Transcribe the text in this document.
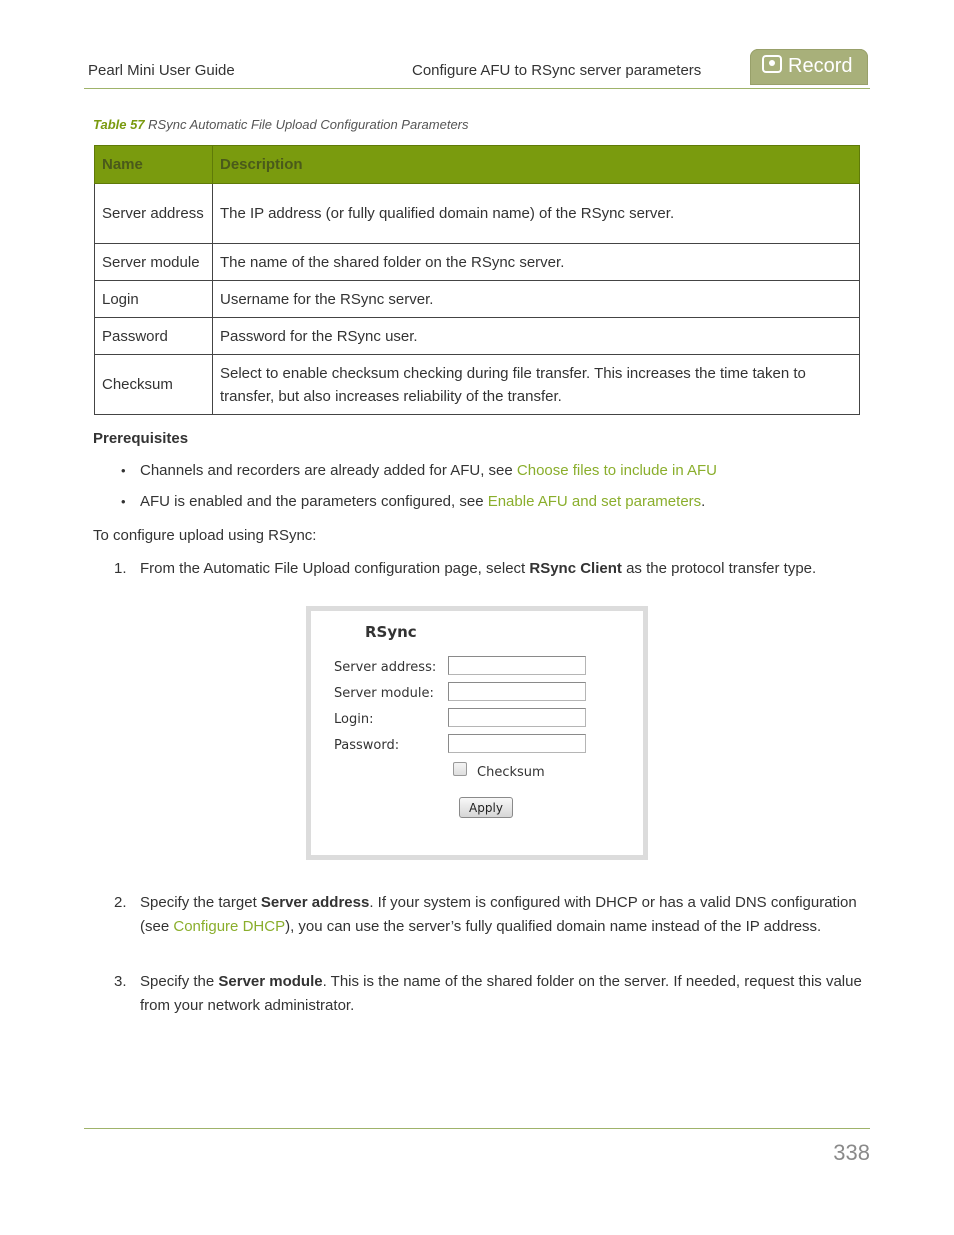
Pearl Mini User Guide	Configure AFU to RSync server parameters	Record
Table 57 RSync Automatic File Upload Configuration Parameters
Name	Description
Server address	The IP address (or fully qualified domain name) of the RSync server.
Server module	The name of the shared folder on the RSync server.
Login	Username for the RSync server.
Password	Password for the RSync user.
Checksum	Select to enable checksum checking during file transfer. This increases the time taken to transfer, but also increases reliability of the transfer.
Prerequisites
• Channels and recorders are already added for AFU, see Choose files to include in AFU
• AFU is enabled and the parameters configured, see Enable AFU and set parameters.
To configure upload using RSync:
1. From the Automatic File Upload configuration page, select RSync Client as the protocol transfer type.
RSync
Server address:
Server module:
Login:
Password:
Checksum
Apply
2. Specify the target Server address. If your system is configured with DHCP or has a valid DNS configuration (see Configure DHCP), you can use the server’s fully qualified domain name instead of the IP address.
3. Specify the Server module. This is the name of the shared folder on the server. If needed, request this value from your network administrator.
338
